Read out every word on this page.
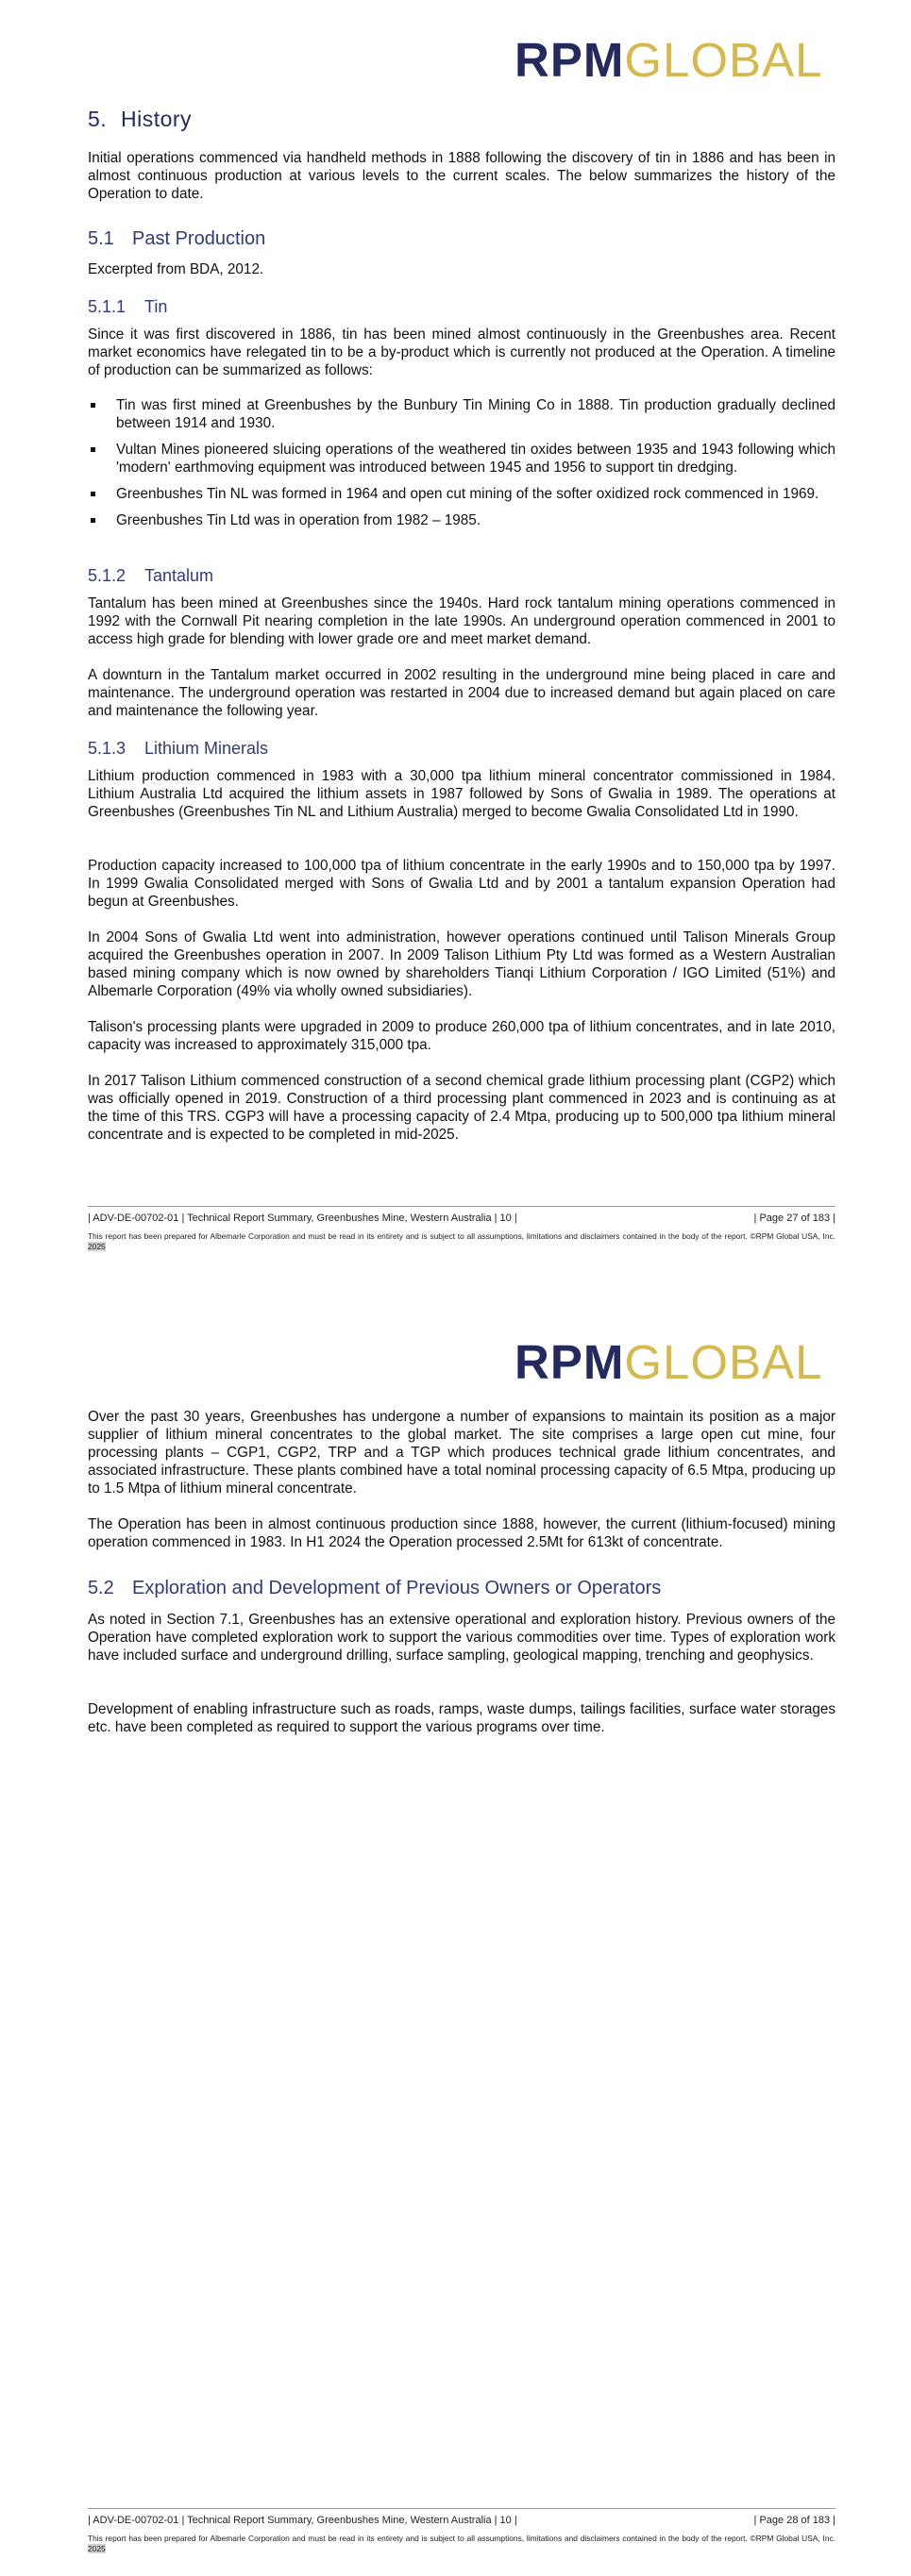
RPMGLOBAL
5. History

Initial operations commenced via handheld methods in 1888 following the discovery of tin in 1886 and has been in almost continuous production at various levels to the current scales. The below summarizes the history of the Operation to date.

5.1 Past Production

Excerpted from BDA, 2012.

5.1.1 Tin

Since it was first discovered in 1886, tin has been mined almost continuously in the Greenbushes area. Recent market economics have relegated tin to be a by-product which is currently not produced at the Operation. A timeline of production can be summarized as follows:

Tin was first mined at Greenbushes by the Bunbury Tin Mining Co in 1888. Tin production gradually declined between 1914 and 1930.
Vultan Mines pioneered sluicing operations of the weathered tin oxides between 1935 and 1943 following which 'modern' earthmoving equipment was introduced between 1945 and 1956 to support tin dredging.
Greenbushes Tin NL was formed in 1964 and open cut mining of the softer oxidized rock commenced in 1969.
Greenbushes Tin Ltd was in operation from 1982 – 1985.
5.1.2 Tantalum

Tantalum has been mined at Greenbushes since the 1940s. Hard rock tantalum mining operations commenced in 1992 with the Cornwall Pit nearing completion in the late 1990s. An underground operation commenced in 2001 to access high grade for blending with lower grade ore and meet market demand.

A downturn in the Tantalum market occurred in 2002 resulting in the underground mine being placed in care and maintenance. The underground operation was restarted in 2004 due to increased demand but again placed on care and maintenance the following year.

5.1.3 Lithium Minerals

Lithium production commenced in 1983 with a 30,000 tpa lithium mineral concentrator commissioned in 1984. Lithium Australia Ltd acquired the lithium assets in 1987 followed by Sons of Gwalia in 1989. The operations at Greenbushes (Greenbushes Tin NL and Lithium Australia) merged to become Gwalia Consolidated Ltd in 1990.

Production capacity increased to 100,000 tpa of lithium concentrate in the early 1990s and to 150,000 tpa by 1997. In 1999 Gwalia Consolidated merged with Sons of Gwalia Ltd and by 2001 a tantalum expansion Operation had begun at Greenbushes.

In 2004 Sons of Gwalia Ltd went into administration, however operations continued until Talison Minerals Group acquired the Greenbushes operation in 2007. In 2009 Talison Lithium Pty Ltd was formed as a Western Australian based mining company which is now owned by shareholders Tianqi Lithium Corporation / IGO Limited (51%) and Albemarle Corporation (49% via wholly owned subsidiaries).

Talison's processing plants were upgraded in 2009 to produce 260,000 tpa of lithium concentrates, and in late 2010, capacity was increased to approximately 315,000 tpa.

In 2017 Talison Lithium commenced construction of a second chemical grade lithium processing plant (CGP2) which was officially opened in 2019. Construction of a third processing plant commenced in 2023 and is continuing as at the time of this TRS. CGP3 will have a processing capacity of 2.4 Mtpa, producing up to 500,000 tpa lithium mineral concentrate and is expected to be completed in mid-2025.

| ADV-DE-00702-01 | Technical Report Summary, Greenbushes Mine, Western Australia | 10 |	| Page 27 of 183 |
This report has been prepared for Albemarle Corporation and must be read in its entirety and is subject to all assumptions, limitations and disclaimers contained in the body of the report. ©RPM Global USA, Inc. 2025
RPMGLOBAL

Over the past 30 years, Greenbushes has undergone a number of expansions to maintain its position as a major supplier of lithium mineral concentrates to the global market. The site comprises a large open cut mine, four processing plants – CGP1, CGP2, TRP and a TGP which produces technical grade lithium concentrates, and associated infrastructure. These plants combined have a total nominal processing capacity of 6.5 Mtpa, producing up to 1.5 Mtpa of lithium mineral concentrate.

The Operation has been in almost continuous production since 1888, however, the current (lithium-focused) mining operation commenced in 1983. In H1 2024 the Operation processed 2.5Mt for 613kt of concentrate.

5.2 Exploration and Development of Previous Owners or Operators

As noted in Section 7.1, Greenbushes has an extensive operational and exploration history. Previous owners of the Operation have completed exploration work to support the various commodities over time. Types of exploration work have included surface and underground drilling, surface sampling, geological mapping, trenching and geophysics.

Development of enabling infrastructure such as roads, ramps, waste dumps, tailings facilities, surface water storages etc. have been completed as required to support the various programs over time.

| ADV-DE-00702-01 | Technical Report Summary, Greenbushes Mine, Western Australia | 10 |	| Page 28 of 183 |
This report has been prepared for Albemarle Corporation and must be read in its entirety and is subject to all assumptions, limitations and disclaimers contained in the body of the report. ©RPM Global USA, Inc. 2025
